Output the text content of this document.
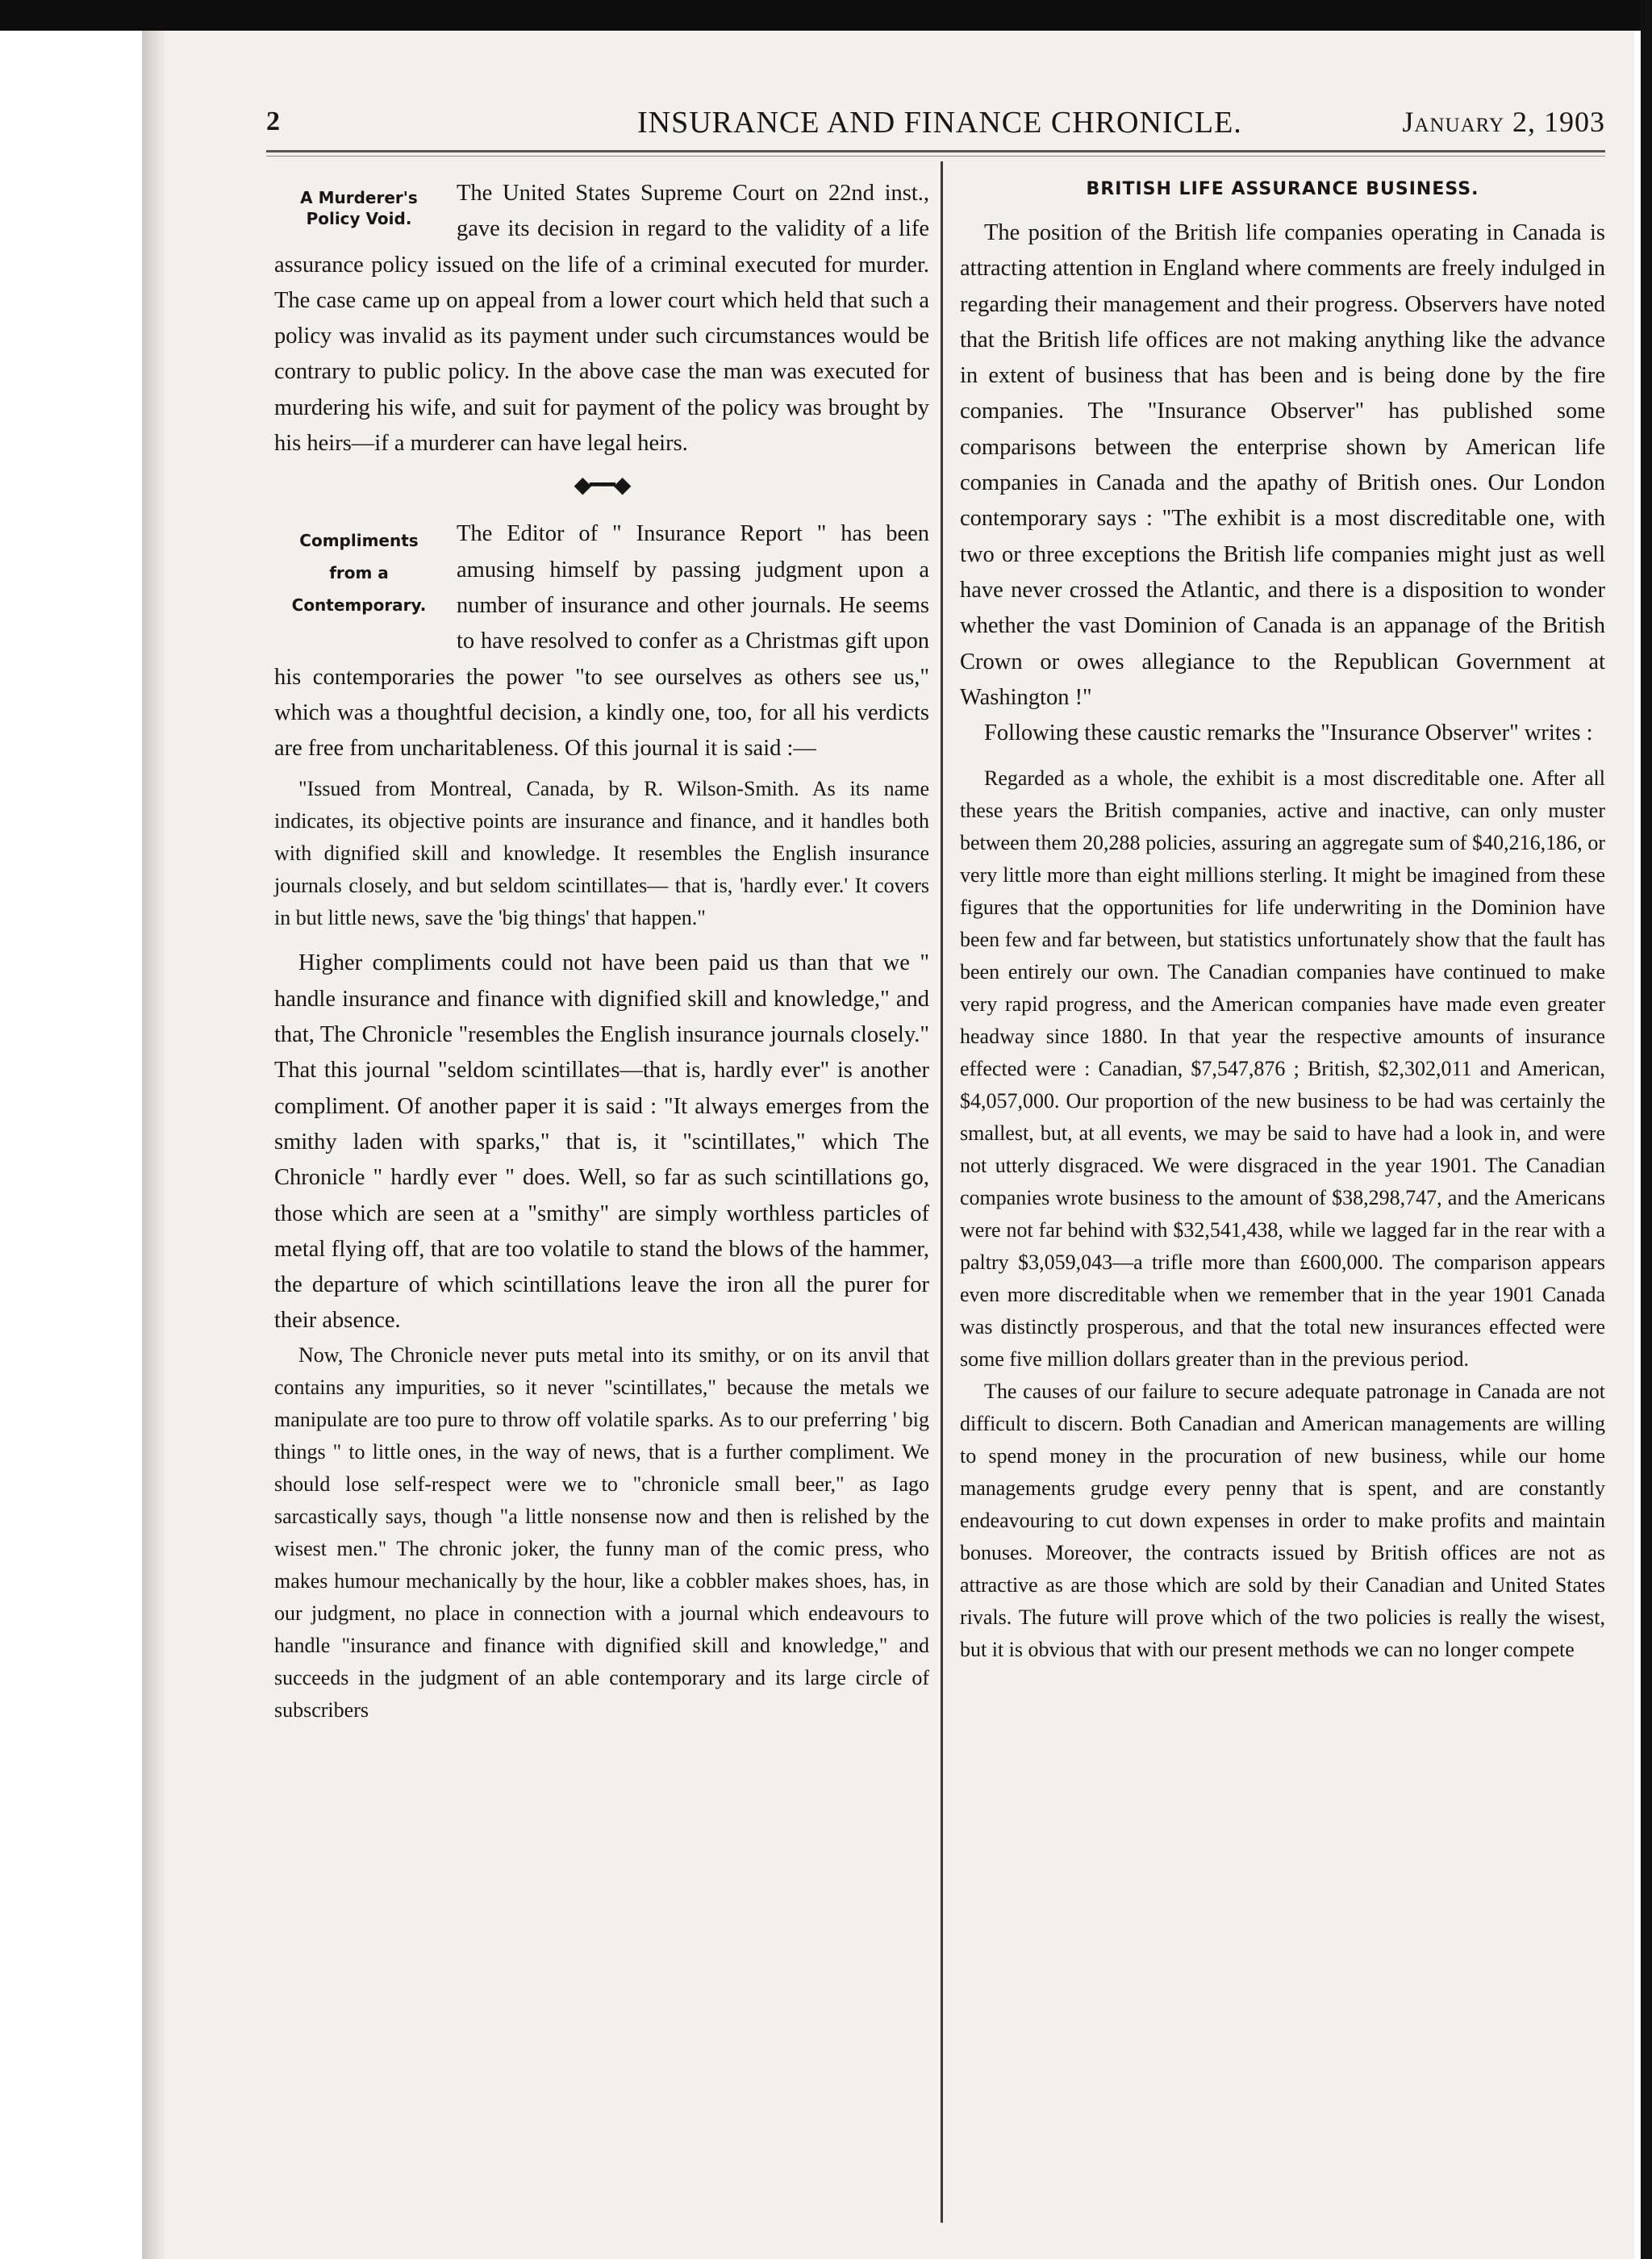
2	INSURANCE AND FINANCE CHRONICLE.	January 2, 1903
A Murderer's
Policy Void.

The United States Supreme Court on 22nd inst., gave its decision in regard to the validity of a life assurance policy issued on the life of a criminal executed for murder. The case came up on appeal from a lower court which held that such a policy was invalid as its payment under such circumstances would be contrary to public policy. In the above case the man was executed for murdering his wife, and suit for payment of the policy was brought by his heirs—if a murderer can have legal heirs.

◆━━◆
Compliments
from a
Contemporary.

The Editor of " Insurance Report " has been amusing himself by passing judgment upon a number of insurance and other journals. He seems to have resolved to confer as a Christmas gift upon his contemporaries the power "to see ourselves as others see us," which was a thoughtful decision, a kindly one, too, for all his verdicts are free from uncharitableness. Of this journal it is said :—

"Issued from Montreal, Canada, by R. Wilson-Smith. As its name indicates, its objective points are insurance and finance, and it handles both with dignified skill and knowledge. It resembles the English insurance journals closely, and but seldom scintillates— that is, 'hardly ever.' It covers in but little news, save the 'big things' that happen."

Higher compliments could not have been paid us than that we " handle insurance and finance with dignified skill and knowledge," and that, The Chronicle "resembles the English insurance journals closely." That this journal "seldom scintillates—that is, hardly ever" is another compliment. Of another paper it is said : "It always emerges from the smithy laden with sparks," that is, it "scintillates," which The Chronicle " hardly ever " does. Well, so far as such scintillations go, those which are seen at a "smithy" are simply worthless particles of metal flying off, that are too volatile to stand the blows of the hammer, the departure of which scintillations leave the iron all the purer for their absence.

Now, The Chronicle never puts metal into its smithy, or on its anvil that contains any impurities, so it never "scintillates," because the metals we manipulate are too pure to throw off volatile sparks. As to our preferring ' big things " to little ones, in the way of news, that is a further compliment. We should lose self-respect were we to "chronicle small beer," as Iago sarcastically says, though "a little nonsense now and then is relished by the wisest men." The chronic joker, the funny man of the comic press, who makes humour mechanically by the hour, like a cobbler makes shoes, has, in our judgment, no place in connection with a journal which endeavours to handle "insurance and finance with dignified skill and knowledge," and succeeds in the judgment of an able contemporary and its large circle of subscribers

BRITISH LIFE ASSURANCE BUSINESS.

The position of the British life companies operating in Canada is attracting attention in England where comments are freely indulged in regarding their management and their progress. Observers have noted that the British life offices are not making anything like the advance in extent of business that has been and is being done by the fire companies. The "Insurance Observer" has published some comparisons between the enterprise shown by American life companies in Canada and the apathy of British ones. Our London contemporary says : "The exhibit is a most discreditable one, with two or three exceptions the British life companies might just as well have never crossed the Atlantic, and there is a disposition to wonder whether the vast Dominion of Canada is an appanage of the British Crown or owes allegiance to the Republican Government at Washington !"

Following these caustic remarks the "Insurance Observer" writes :

Regarded as a whole, the exhibit is a most discreditable one. After all these years the British companies, active and inactive, can only muster between them 20,288 policies, assuring an aggregate sum of $40,216,186, or very little more than eight millions sterling. It might be imagined from these figures that the opportunities for life underwriting in the Dominion have been few and far between, but statistics unfortunately show that the fault has been entirely our own. The Canadian companies have continued to make very rapid progress, and the American companies have made even greater headway since 1880. In that year the respective amounts of insurance effected were : Canadian, $7,547,876 ; British, $2,302,011 and American, $4,057,000. Our proportion of the new business to be had was certainly the smallest, but, at all events, we may be said to have had a look in, and were not utterly disgraced. We were disgraced in the year 1901. The Canadian companies wrote business to the amount of $38,298,747, and the Americans were not far behind with $32,541,438, while we lagged far in the rear with a paltry $3,059,043—a trifle more than £600,000. The comparison appears even more discreditable when we remember that in the year 1901 Canada was distinctly prosperous, and that the total new insurances effected were some five million dollars greater than in the previous period.

The causes of our failure to secure adequate patronage in Canada are not difficult to discern. Both Canadian and American managements are willing to spend money in the procuration of new business, while our home managements grudge every penny that is spent, and are constantly endeavouring to cut down expenses in order to make profits and maintain bonuses. Moreover, the contracts issued by British offices are not as attractive as are those which are sold by their Canadian and United States rivals. The future will prove which of the two policies is really the wisest, but it is obvious that with our present methods we can no longer compete
